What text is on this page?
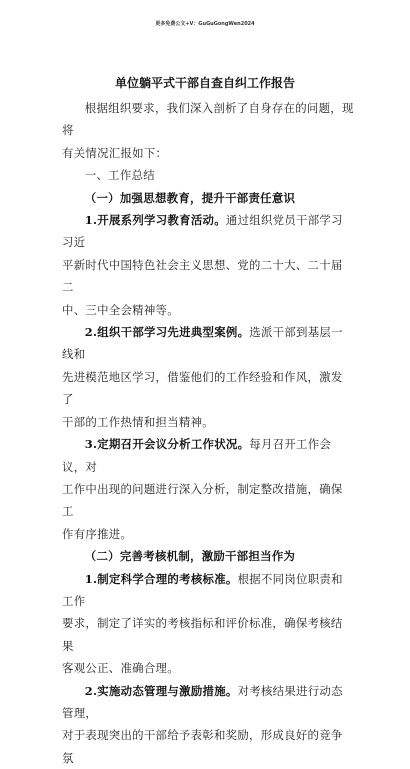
更多免费公文+V：GuGuGongWen2024
单位躺平式干部自查自纠工作报告

根据组织要求，我们深入剖析了自身存在的问题，现将

有关情况汇报如下：

一、工作总结

（一）加强思想教育，提升干部责任意识

1.开展系列学习教育活动。通过组织党员干部学习习近

平新时代中国特色社会主义思想、党的二十大、二十届二

中、三中全会精神等。

2.组织干部学习先进典型案例。选派干部到基层一线和

先进模范地区学习，借鉴他们的工作经验和作风，激发了

干部的工作热情和担当精神。

3.定期召开会议分析工作状况。每月召开工作会议，对

工作中出现的问题进行深入分析，制定整改措施，确保工

作有序推进。

（二）完善考核机制，激励干部担当作为

1.制定科学合理的考核标准。根据不同岗位职责和工作

要求，制定了详实的考核指标和评价标准，确保考核结果

客观公正、准确合理。

2.实施动态管理与激励措施。对考核结果进行动态管理，

对于表现突出的干部给予表彰和奖励，形成良好的竞争氛
